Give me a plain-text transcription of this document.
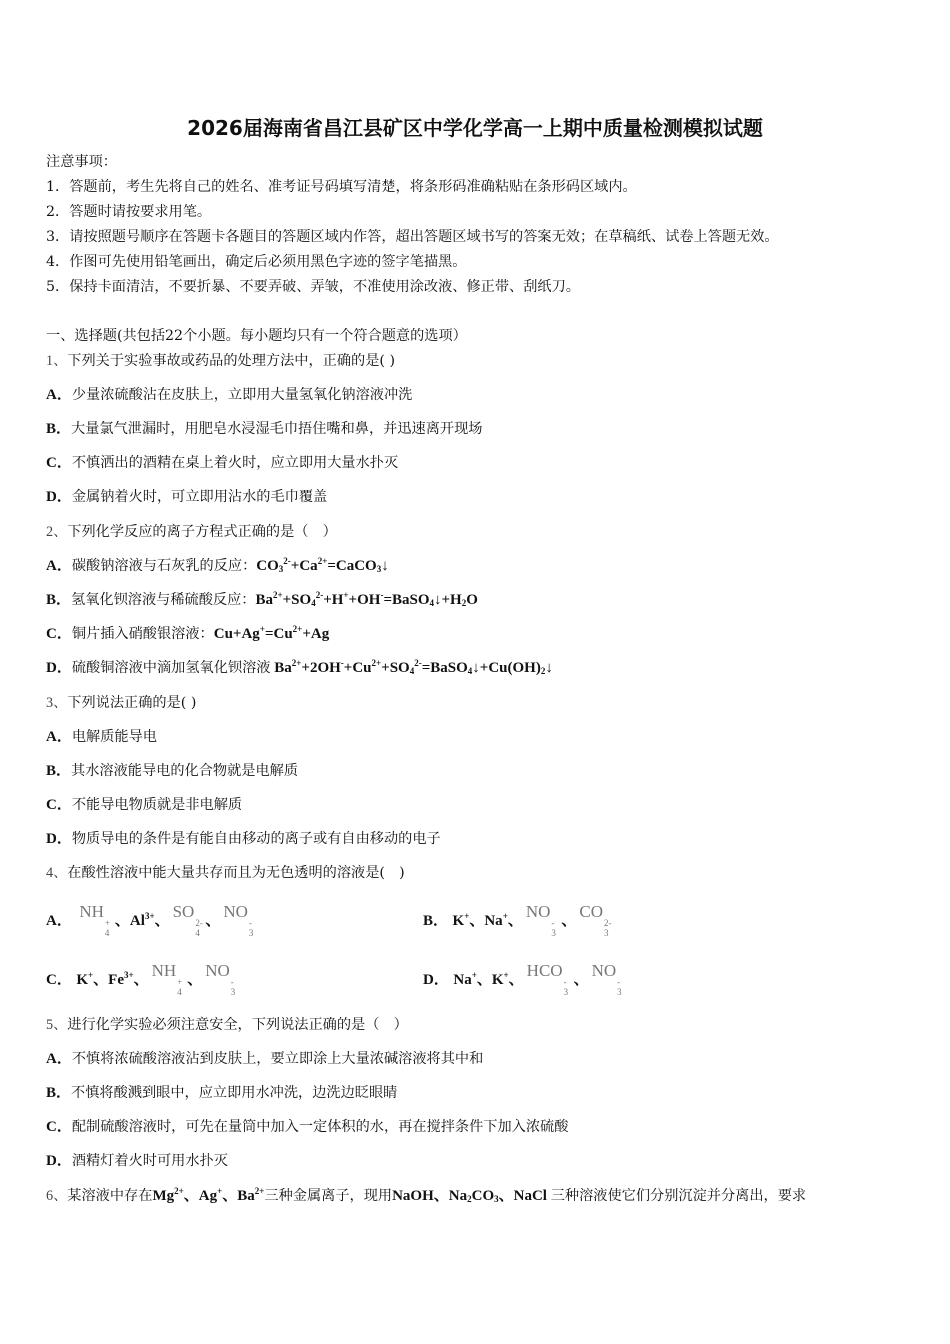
2026届海南省昌江县矿区中学化学高一上期中质量检测模拟试题
注意事项：
1．答题前，考生先将自己的姓名、准考证号码填写清楚，将条形码准确粘贴在条形码区域内。
2．答题时请按要求用笔。
3．请按照题号顺序在答题卡各题目的答题区域内作答，超出答题区域书写的答案无效；在草稿纸、试卷上答题无效。
4．作图可先使用铅笔画出，确定后必须用黑色字迹的签字笔描黑。
5．保持卡面清洁，不要折暴、不要弄破、弄皱，不准使用涂改液、修正带、刮纸刀。
一、选择题(共包括22个小题。每小题均只有一个符合题意的选项）
1、下列关于实验事故或药品的处理方法中，正确的是( )
A．少量浓硫酸沾在皮肤上，立即用大量氢氧化钠溶液冲洗
B．大量氯气泄漏时，用肥皂水浸湿毛巾捂住嘴和鼻，并迅速离开现场
C．不慎洒出的酒精在桌上着火时，应立即用大量水扑灭
D．金属钠着火时，可立即用沾水的毛巾覆盖
2、下列化学反应的离子方程式正确的是（　）
A．碳酸钠溶液与石灰乳的反应：$CO_3^{2-}+Ca^{2+}=CaCO_3↓$
B．氢氧化钡溶液与稀硫酸反应：$Ba^{2+}+SO_4^{2-}+H^++OH^-=BaSO_4↓+H_2O$
C．铜片插入硝酸银溶液：$Cu+Ag^+=Cu^{2+}+Ag$
D．硫酸铜溶液中滴加氢氧化钡溶液 $Ba^{2+}+2OH^-+Cu^{2+}+SO_4^{2-}=BaSO_4↓+Cu(OH)_2↓$
3、下列说法正确的是( )
A．电解质能导电
B．其水溶液能导电的化合物就是电解质
C．不能导电物质就是非电解质
D．物质导电的条件是有能自由移动的离子或有自由移动的电子
4、在酸性溶液中能大量共存而且为无色透明的溶液是(　)
A． NH
+
4
、$Al^{3+}$、 SO
2-
4
、 NO
-
3
B． K+、Na+、 NO
-
3
、 CO
2-
3
C． K+、$Fe^{3+}$、 NH
+
4
、 NO
-
3
D． Na+、K+、 HCO
-
3
、 NO
-
3
5、进行化学实验必须注意安全，下列说法正确的是（　）
A．不慎将浓硫酸溶液沾到皮肤上，要立即涂上大量浓碱溶液将其中和
B．不慎将酸溅到眼中，应立即用水冲洗，边洗边眨眼睛
C．配制硫酸溶液时，可先在量筒中加入一定体积的水，再在搅拌条件下加入浓硫酸
D．酒精灯着火时可用水扑灭
6、某溶液中存在$Mg^{2+}$、Ag+、$Ba^{2+}$三种金属离子，现用NaOH、$Na_2CO_3$、NaCl 三种溶液使它们分别沉淀并分离出，要求
